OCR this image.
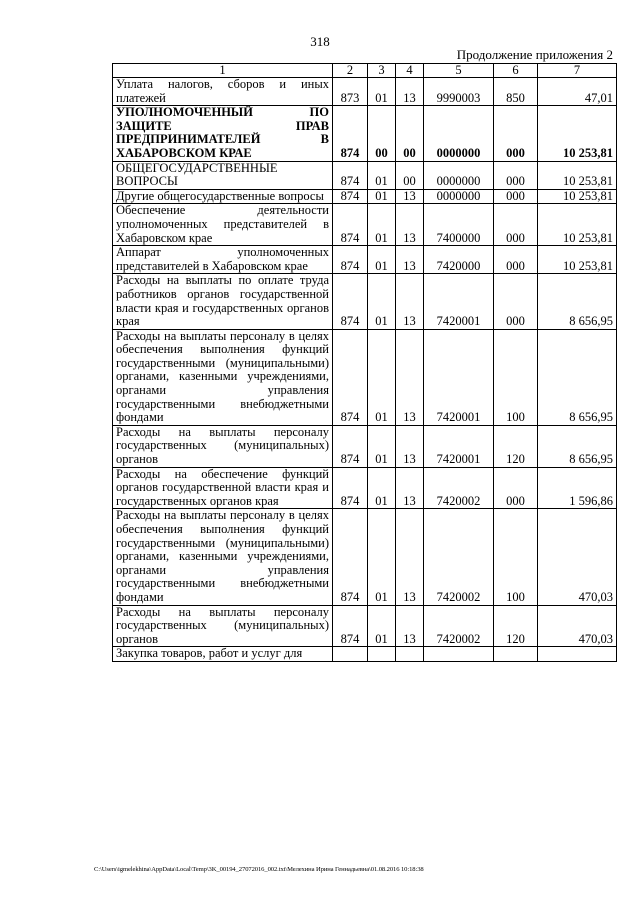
318
Продолжение приложения 2
1	2	3	4	5	6	7
Уплата налогов, сборов и иных платежей	873	01	13	9990003	850	47,01
УПОЛНОМОЧЕННЫЙ ПО ЗАЩИТЕ ПРАВ ПРЕДПРИНИМАТЕЛЕЙ В ХАБАРОВСКОМ КРАЕ	874	00	00	0000000	000	10 253,81
ОБЩЕГОСУДАРСТВЕННЫЕ ВОПРОСЫ	874	01	00	0000000	000	10 253,81
Другие общегосударственные вопросы	874	01	13	0000000	000	10 253,81
Обеспечение деятельности уполномоченных представителей в Хабаровском крае	874	01	13	7400000	000	10 253,81
Аппарат уполномоченных представителей в Хабаровском крае	874	01	13	7420000	000	10 253,81
Расходы на выплаты по оплате труда работников органов государственной власти края и государственных органов края	874	01	13	7420001	000	8 656,95
Расходы на выплаты персоналу в целях обеспечения выполнения функций государственными (муниципальными) органами, казенными учреждениями, органами управления государственными внебюджетными фондами	874	01	13	7420001	100	8 656,95
Расходы на выплаты персоналу государственных (муниципальных) органов	874	01	13	7420001	120	8 656,95
Расходы на обеспечение функций органов государственной власти края и государственных органов края	874	01	13	7420002	000	1 596,86
Расходы на выплаты персоналу в целях обеспечения выполнения функций государственными (муниципальными) органами, казенными учреждениями, органами управления государственными внебюджетными фондами	874	01	13	7420002	100	470,03
Расходы на выплаты персоналу государственных (муниципальных) органов	874	01	13	7420002	120	470,03
Закупка товаров, работ и услуг для						
C:\Users\igmelekhina\AppData\Local\Temp\3K_00194_27072016_002.txt\Мелехина Ирина Геннадьевна\01.08.2016 10:18:38
